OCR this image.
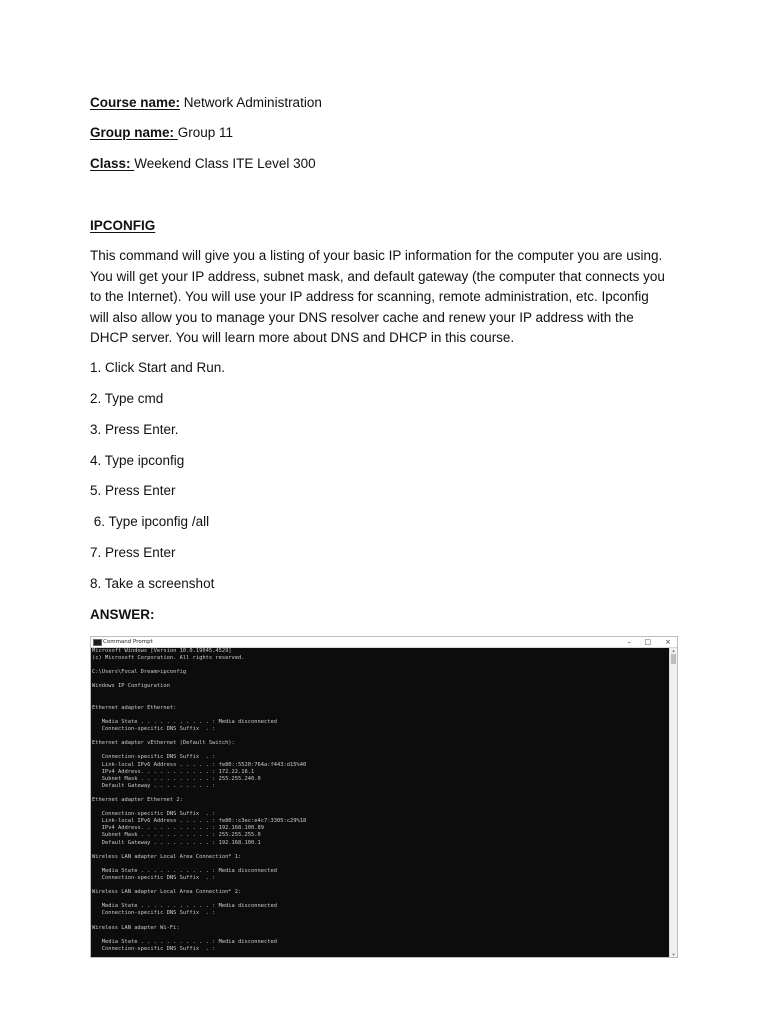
Course name: Network Administration
Group name: Group 11
Class: Weekend Class ITE Level 300
IPCONFIG
This command will give you a listing of your basic IP information for the computer you are using.
You will get your IP address, subnet mask, and default gateway (the computer that connects you
to the Internet). You will use your IP address for scanning, remote administration, etc. Ipconfig
will also allow you to manage your DNS resolver cache and renew your IP address with the
DHCP server. You will learn more about DNS and DHCP in this course.
1. Click Start and Run.
2. Type cmd
3. Press Enter.
4. Type ipconfig
5. Press Enter
6. Type ipconfig /all
7. Press Enter
8. Take a screenshot
ANSWER:
Command Prompt	– □ ×
Microsoft Windows [Version 10.0.19045.4529]
(c) Microsoft Corporation. All rights reserved.

C:\Users\Focal Dream>ipconfig

Windows IP Configuration

Ethernet adapter Ethernet:

Media State . . . . . . . . . . . : Media disconnected
Connection-specific DNS Suffix  . :

Ethernet adapter vEthernet (Default Switch):

Connection-specific DNS Suffix  . :
Link-local IPv6 Address . . . . . : fe80::5520:764a:f443:d15%40
IPv4 Address. . . . . . . . . . . : 172.22.16.1
Subnet Mask . . . . . . . . . . . : 255.255.240.0
Default Gateway . . . . . . . . . :

Ethernet adapter Ethernet 2:

Connection-specific DNS Suffix  . :
Link-local IPv6 Address . . . . . : fe80::c3ec:e4c7:3305:c29%18
IPv4 Address. . . . . . . . . . . : 192.168.100.89
Subnet Mask . . . . . . . . . . . : 255.255.255.0
Default Gateway . . . . . . . . . : 192.168.100.1

Wireless LAN adapter Local Area Connection* 1:

Media State . . . . . . . . . . . : Media disconnected
Connection-specific DNS Suffix  . :

Wireless LAN adapter Local Area Connection* 2:

Media State . . . . . . . . . . . : Media disconnected
Connection-specific DNS Suffix  . :

Wireless LAN adapter Wi-Fi:

Media State . . . . . . . . . . . : Media disconnected
Connection-specific DNS Suffix  . :
▲
▼
